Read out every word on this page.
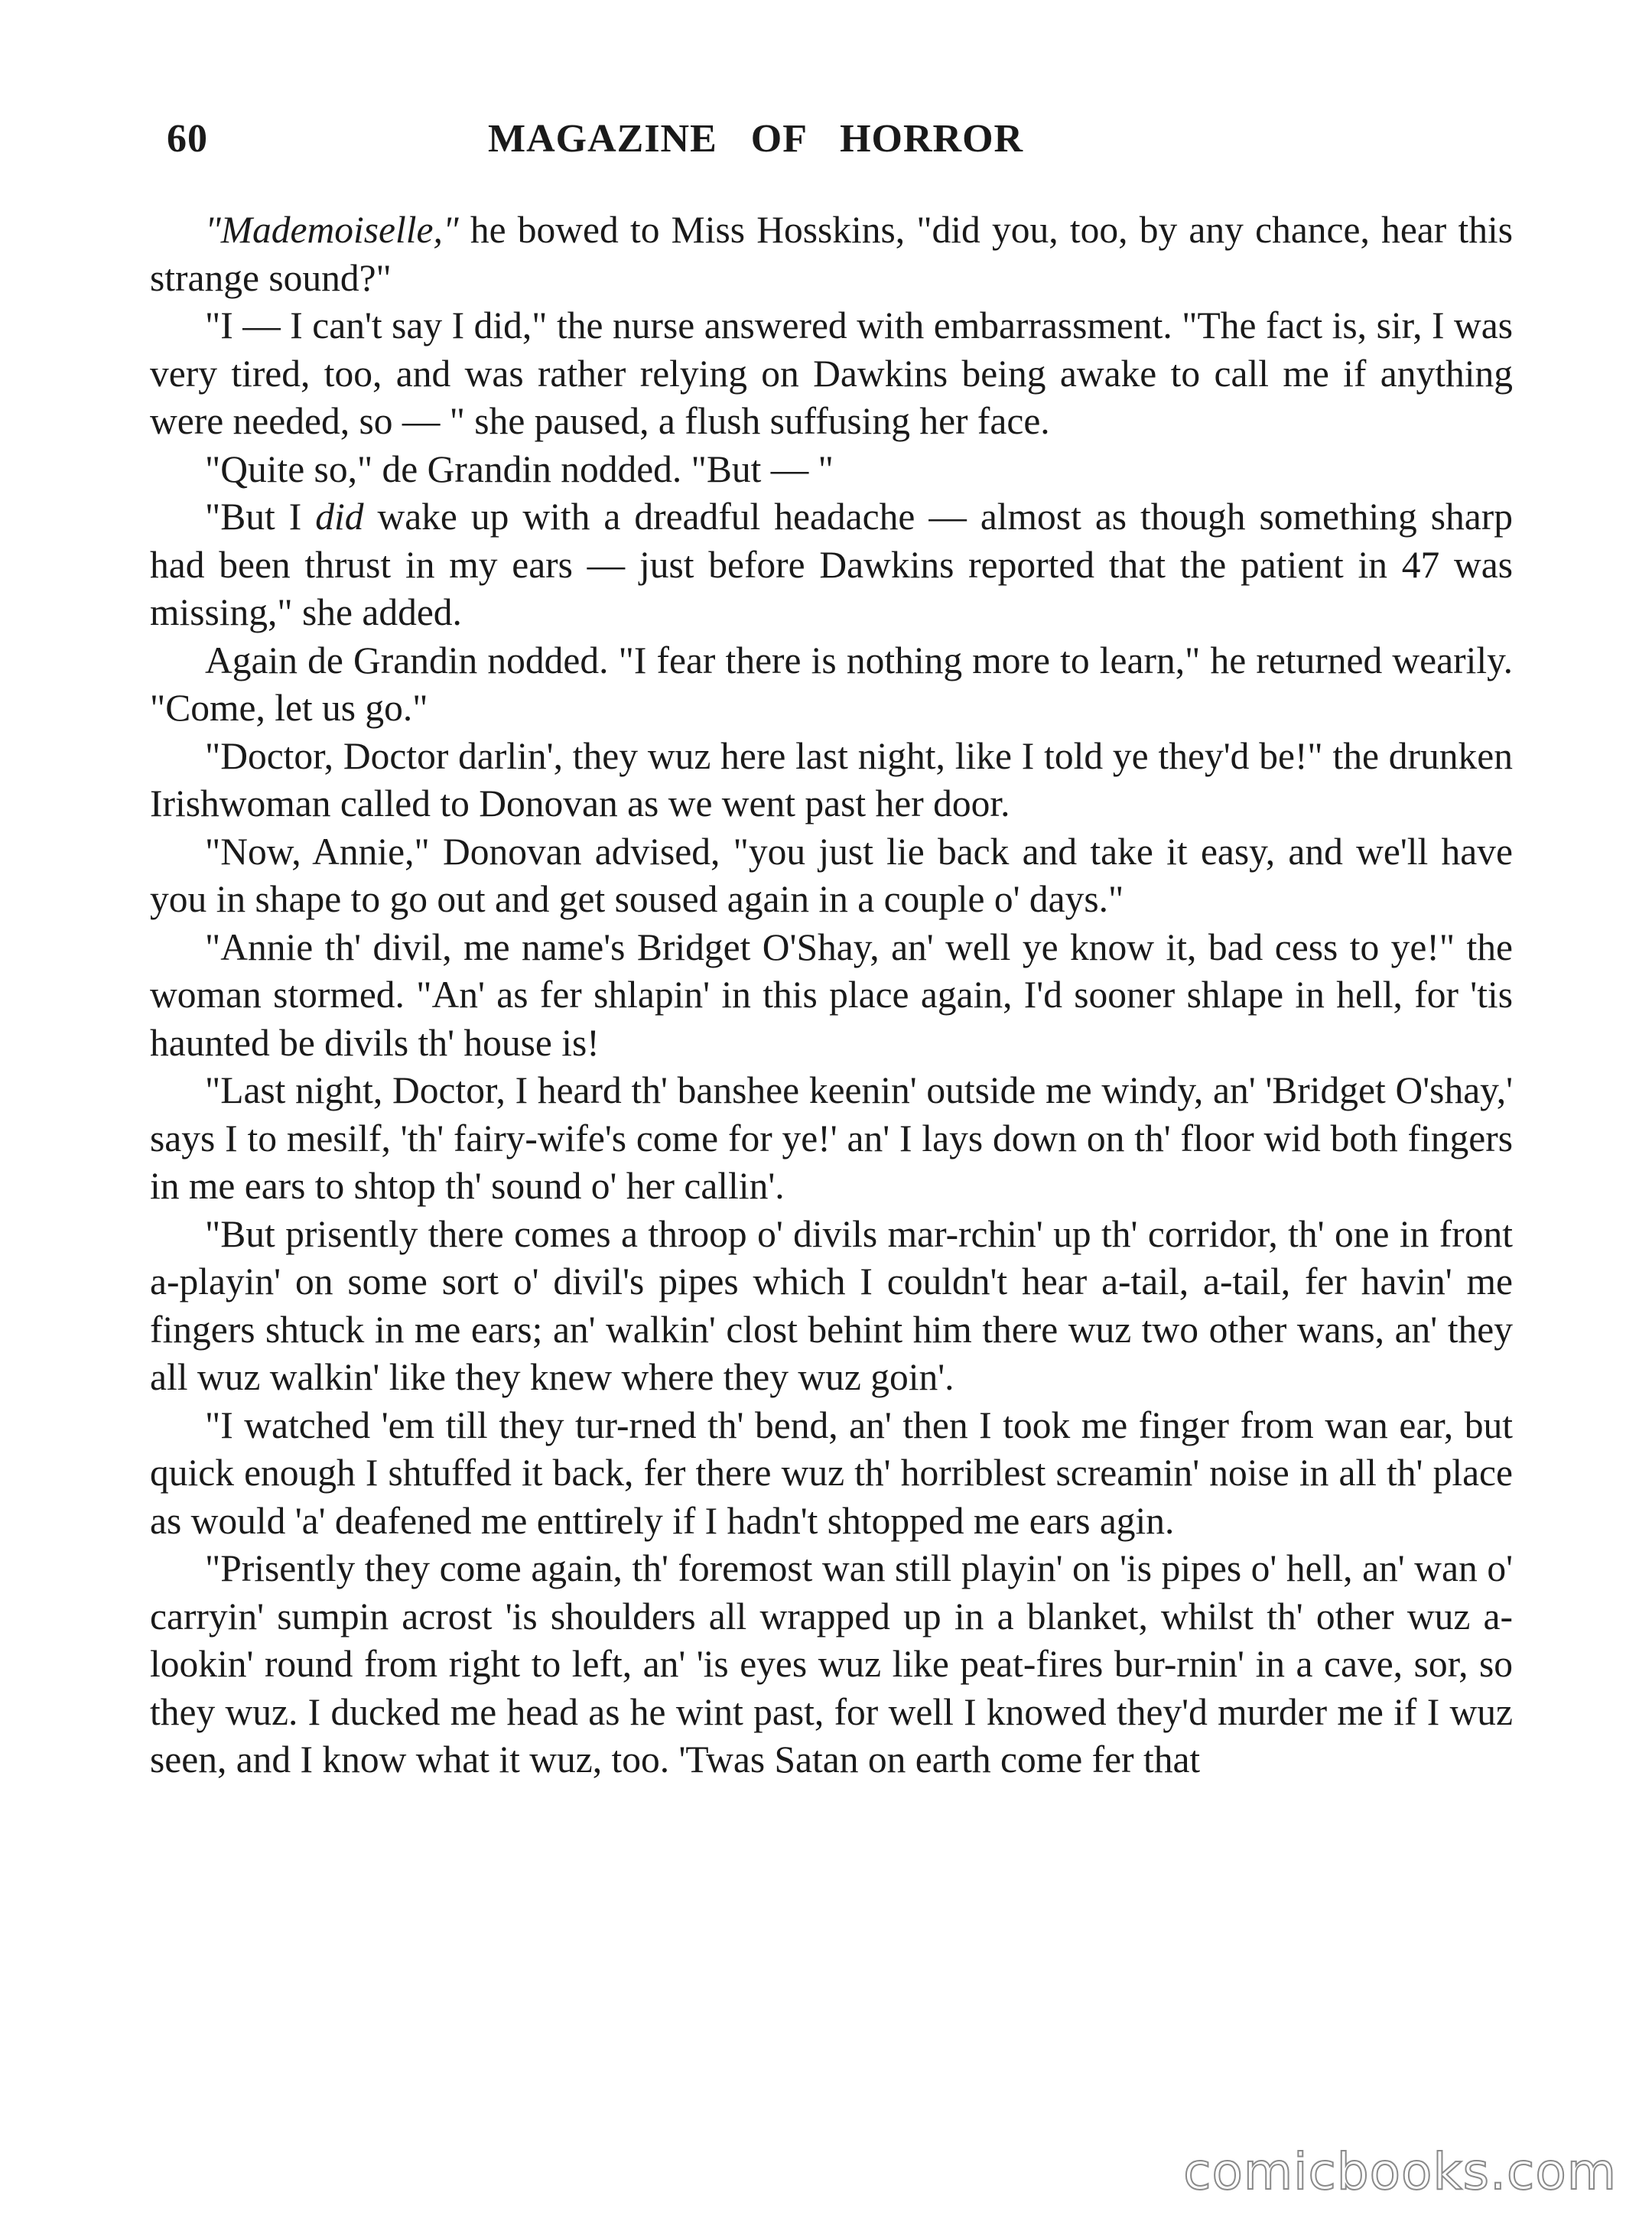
60	MAGAZINE OF HORROR

"Mademoiselle," he bowed to Miss Hosskins, "did you, too, by any chance, hear this strange sound?"

"I — I can't say I did," the nurse answered with embarrassment. "The fact is, sir, I was very tired, too, and was rather relying on Dawkins being awake to call me if anything were needed, so — " she paused, a flush suffusing her face.

"Quite so," de Grandin nodded. "But — "

"But I did wake up with a dreadful headache — almost as though something sharp had been thrust in my ears — just before Dawkins reported that the patient in 47 was missing," she added.

Again de Grandin nodded. "I fear there is nothing more to learn," he returned wearily. "Come, let us go."

"Doctor, Doctor darlin', they wuz here last night, like I told ye they'd be!" the drunken Irishwoman called to Donovan as we went past her door.

"Now, Annie," Donovan advised, "you just lie back and take it easy, and we'll have you in shape to go out and get soused again in a couple o' days."

"Annie th' divil, me name's Bridget O'Shay, an' well ye know it, bad cess to ye!" the woman stormed. "An' as fer shlapin' in this place again, I'd sooner shlape in hell, for 'tis haunted be divils th' house is!

"Last night, Doctor, I heard th' banshee keenin' outside me windy, an' 'Bridget O'shay,' says I to mesilf, 'th' fairy-wife's come for ye!' an' I lays down on th' floor wid both fingers in me ears to shtop th' sound o' her callin'.

"But prisently there comes a throop o' divils mar-rchin' up th' corridor, th' one in front a-playin' on some sort o' divil's pipes which I couldn't hear a-tail, a-tail, fer havin' me fingers shtuck in me ears; an' walkin' clost behint him there wuz two other wans, an' they all wuz walkin' like they knew where they wuz goin'.

"I watched 'em till they tur-rned th' bend, an' then I took me finger from wan ear, but quick enough I shtuffed it back, fer there wuz th' horriblest screamin' noise in all th' place as would 'a' deafened me enttirely if I hadn't shtopped me ears agin.

"Prisently they come again, th' foremost wan still playin' on 'is pipes o' hell, an' wan o' carryin' sumpin acrost 'is shoulders all wrapped up in a blanket, whilst th' other wuz a-lookin' round from right to left, an' 'is eyes wuz like peat-fires bur-rnin' in a cave, sor, so they wuz. I ducked me head as he wint past, for well I knowed they'd murder me if I wuz seen, and I know what it wuz, too. 'Twas Satan on earth come fer that

comicbooks.com
